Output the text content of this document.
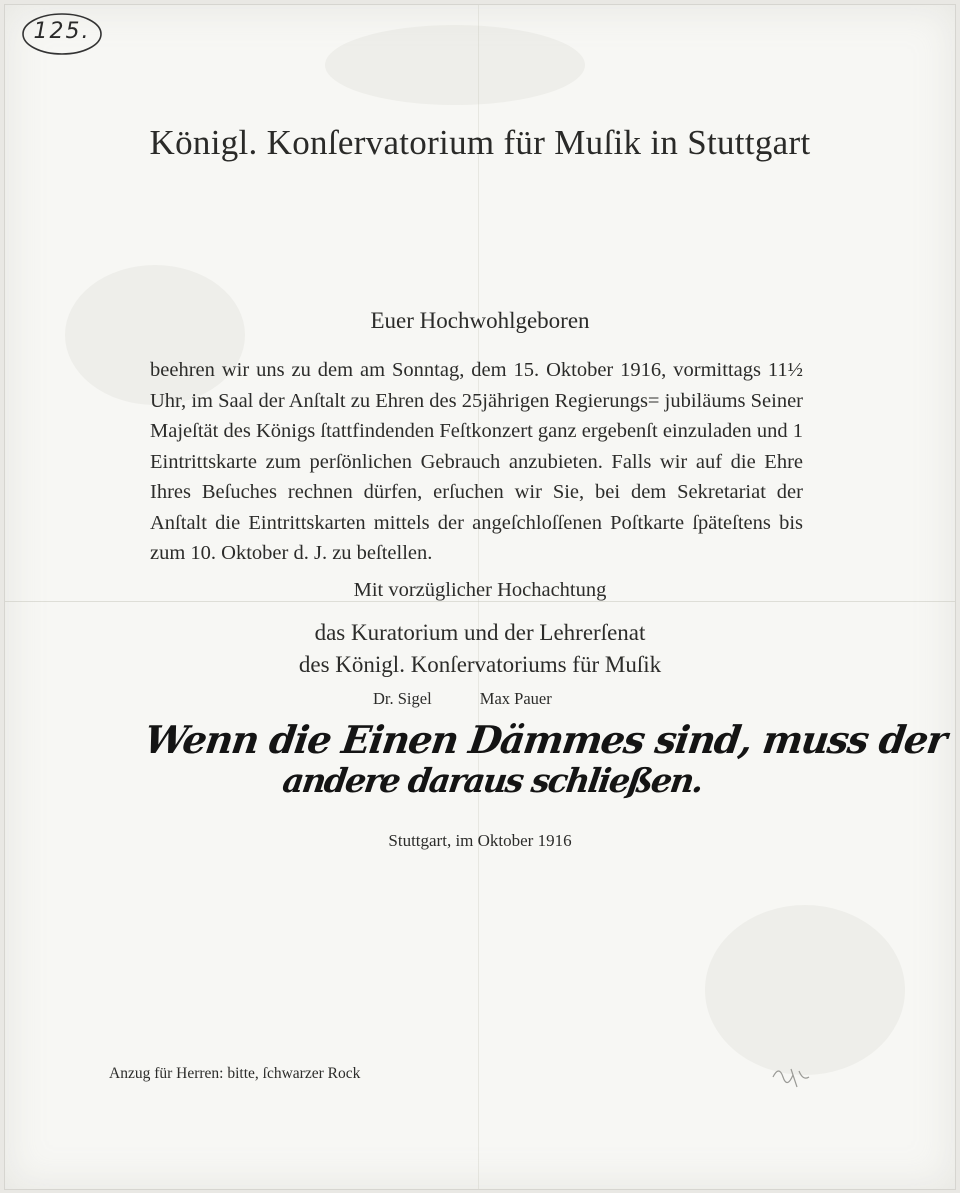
125.
Königl. Konſervatorium für Muſik in Stuttgart
Euer Hochwohlgeboren
beehren wir uns zu dem am Sonntag, dem 15. Oktober 1916, vormittags 11½ Uhr, im Saal der Anſtalt zu Ehren des 25jährigen Regierungs= jubiläums Seiner Majeſtät des Königs ſtattfindenden Feſtkonzert ganz ergebenſt einzuladen und 1 Eintrittskarte zum perſönlichen Gebrauch anzubieten. Falls wir auf die Ehre Ihres Beſuches rechnen dürfen, erſuchen wir Sie, bei dem Sekretariat der Anſtalt die Eintrittskarten mittels der angeſchloſſenen Poſtkarte ſpäteſtens bis zum 10. Oktober d. J. zu beſtellen.
Mit vorzüglicher Hochachtung
das Kuratorium und der Lehrerſenat
des Königl. Konſervatoriums für Muſik
Dr. Sigel	Max Pauer
Wenn die Einen Dämmes sind, muss der
andere daraus schließen.
Stuttgart, im Oktober 1916
Anzug für Herren: bitte, ſchwarzer Rock
